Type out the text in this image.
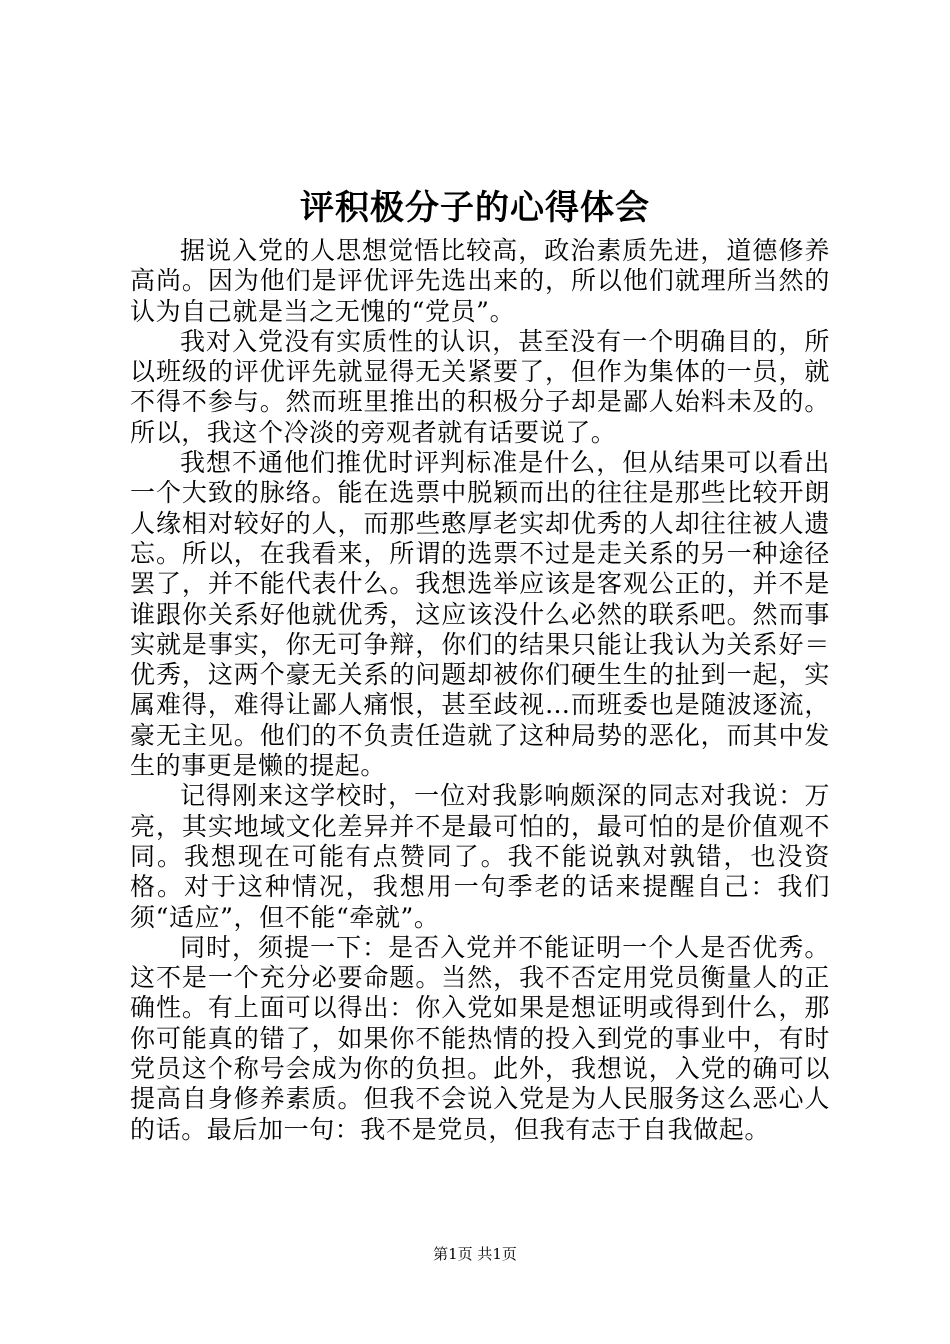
评积极分子的心得体会

据说入党的人思想觉悟比较高，政治素质先进，道德修养高尚。因为他们是评优评先选出来的，所以他们就理所当然的认为自己就是当之无愧的“党员”。

我对入党没有实质性的认识，甚至没有一个明确目的，所以班级的评优评先就显得无关紧要了，但作为集体的一员，就不得不参与。然而班里推出的积极分子却是鄙人始料未及的。所以，我这个冷淡的旁观者就有话要说了。

我想不通他们推优时评判标准是什么，但从结果可以看出一个大致的脉络。能在选票中脱颖而出的往往是那些比较开朗人缘相对较好的人，而那些憨厚老实却优秀的人却往往被人遗忘。所以，在我看来，所谓的选票不过是走关系的另一种途径罢了，并不能代表什么。我想选举应该是客观公正的，并不是谁跟你关系好他就优秀，这应该没什么必然的联系吧。然而事实就是事实，你无可争辩，你们的结果只能让我认为关系好＝优秀，这两个豪无关系的问题却被你们硬生生的扯到一起，实属难得，难得让鄙人痛恨，甚至歧视…而班委也是随波逐流，豪无主见。他们的不负责任造就了这种局势的恶化，而其中发生的事更是懒的提起。

记得刚来这学校时，一位对我影响颇深的同志对我说：万亮，其实地域文化差异并不是最可怕的，最可怕的是价值观不同。我想现在可能有点赞同了。我不能说孰对孰错，也没资格。对于这种情况，我想用一句季老的话来提醒自己：我们须“适应”，但不能“牵就”。

同时，须提一下：是否入党并不能证明一个人是否优秀。这不是一个充分必要命题。当然，我不否定用党员衡量人的正确性。有上面可以得出：你入党如果是想证明或得到什么，那你可能真的错了，如果你不能热情的投入到党的事业中，有时党员这个称号会成为你的负担。此外，我想说，入党的确可以提高自身修养素质。但我不会说入党是为人民服务这么恶心人的话。最后加一句：我不是党员，但我有志于自我做起。

第1页 共1页
